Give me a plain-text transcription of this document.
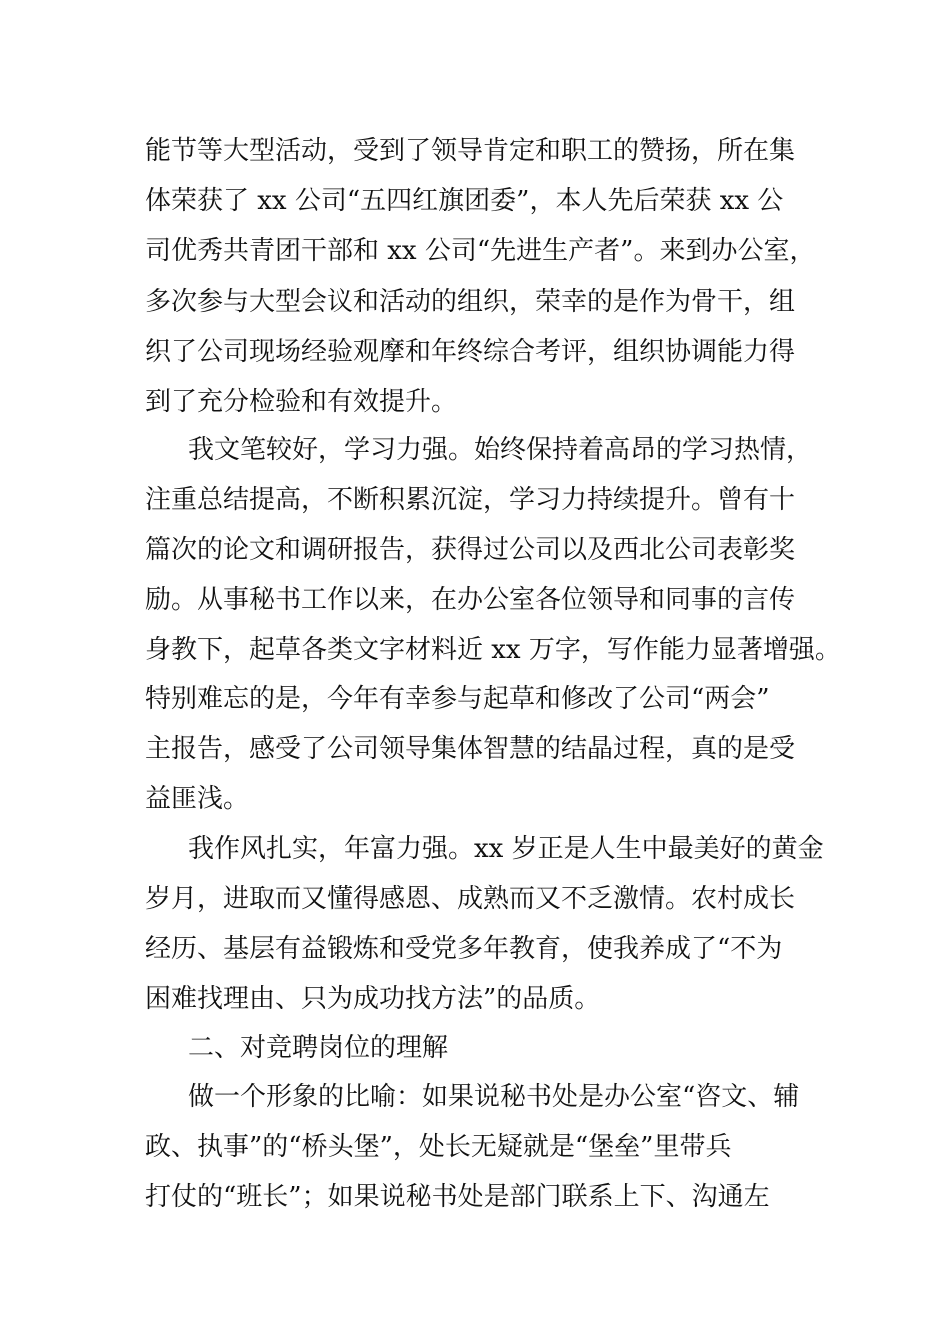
能节等大型活动，受到了领导肯定和职工的赞扬，所在集
体荣获了 xx 公司“五四红旗团委”，本人先后荣获 xx 公
司优秀共青团干部和 xx 公司“先进生产者”。来到办公室，
多次参与大型会议和活动的组织，荣幸的是作为骨干，组
织了公司现场经验观摩和年终综合考评，组织协调能力得
到了充分检验和有效提升。
我文笔较好，学习力强。始终保持着高昂的学习热情，
注重总结提高，不断积累沉淀，学习力持续提升。曾有十
篇次的论文和调研报告，获得过公司以及西北公司表彰奖
励。从事秘书工作以来，在办公室各位领导和同事的言传
身教下，起草各类文字材料近 xx 万字，写作能力显著增强。
特别难忘的是，今年有幸参与起草和修改了公司“两会”
主报告，感受了公司领导集体智慧的结晶过程，真的是受
益匪浅。
我作风扎实，年富力强。xx 岁正是人生中最美好的黄金
岁月，进取而又懂得感恩、成熟而又不乏激情。农村成长
经历、基层有益锻炼和受党多年教育，使我养成了“不为
困难找理由、只为成功找方法”的品质。
二、对竞聘岗位的理解
做一个形象的比喻：如果说秘书处是办公室“咨文、辅
政、执事”的“桥头堡”，处长无疑就是“堡垒”里带兵
打仗的“班长”；如果说秘书处是部门联系上下、沟通左
